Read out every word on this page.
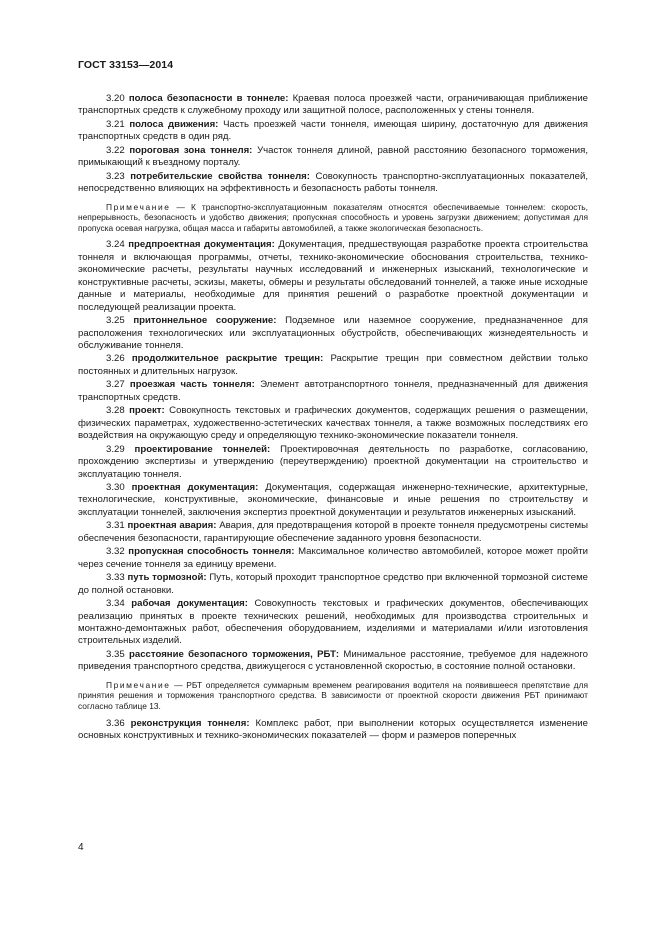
ГОСТ 33153—2014

3.20 полоса безопасности в тоннеле: Краевая полоса проезжей части, ограничивающая приближение транспортных средств к служебному проходу или защитной полосе, расположенных у стены тоннеля.

3.21 полоса движения: Часть проезжей части тоннеля, имеющая ширину, достаточную для движения транспортных средств в один ряд.

3.22 пороговая зона тоннеля: Участок тоннеля длиной, равной расстоянию безопасного торможения, примыкающий к въездному порталу.

3.23 потребительские свойства тоннеля: Совокупность транспортно-эксплуатационных показателей, непосредственно влияющих на эффективность и безопасность работы тоннеля.

Примечание — К транспортно-эксплуатационным показателям относятся обеспечиваемые тоннелем: скорость, непрерывность, безопасность и удобство движения; пропускная способность и уровень загрузки движением; допустимая для пропуска осевая нагрузка, общая масса и габариты автомобилей, а также экологическая безопасность.

3.24 предпроектная документация: Документация, предшествующая разработке проекта строительства тоннеля и включающая программы, отчеты, технико-экономические обоснования строительства, технико-экономические расчеты, результаты научных исследований и инженерных изысканий, технологические и конструктивные расчеты, эскизы, макеты, обмеры и результаты обследований тоннелей, а также иные исходные данные и материалы, необходимые для принятия решений о разработке проектной документации и последующей реализации проекта.

3.25 притоннельное сооружение: Подземное или наземное сооружение, предназначенное для расположения технологических или эксплуатационных обустройств, обеспечивающих жизнедеятельность и обслуживание тоннеля.

3.26 продолжительное раскрытие трещин: Раскрытие трещин при совместном действии только постоянных и длительных нагрузок.

3.27 проезжая часть тоннеля: Элемент автотранспортного тоннеля, предназначенный для движения транспортных средств.

3.28 проект: Совокупность текстовых и графических документов, содержащих решения о размещении, физических параметрах, художественно-эстетических качествах тоннеля, а также возможных последствиях его воздействия на окружающую среду и определяющую технико-экономические показатели тоннеля.

3.29 проектирование тоннелей: Проектировочная деятельность по разработке, согласованию, прохождению экспертизы и утверждению (переутверждению) проектной документации на строительство и эксплуатацию тоннеля.

3.30 проектная документация: Документация, содержащая инженерно-технические, архитектурные, технологические, конструктивные, экономические, финансовые и иные решения по строительству и эксплуатации тоннелей, заключения экспертиз проектной документации и результатов инженерных изысканий.

3.31 проектная авария: Авария, для предотвращения которой в проекте тоннеля предусмотрены системы обеспечения безопасности, гарантирующие обеспечение заданного уровня безопасности.

3.32 пропускная способность тоннеля: Максимальное количество автомобилей, которое может пройти через сечение тоннеля за единицу времени.

3.33 путь тормозной: Путь, который проходит транспортное средство при включенной тормозной системе до полной остановки.

3.34 рабочая документация: Совокупность текстовых и графических документов, обеспечивающих реализацию принятых в проекте технических решений, необходимых для производства строительных и монтажно-демонтажных работ, обеспечения оборудованием, изделиями и материалами и/или изготовления строительных изделий.

3.35 расстояние безопасного торможения, РБТ: Минимальное расстояние, требуемое для надежного приведения транспортного средства, движущегося с установленной скоростью, в состояние полной остановки.

Примечание — РБТ определяется суммарным временем реагирования водителя на появившееся препятствие для принятия решения и торможения транспортного средства. В зависимости от проектной скорости движения РБТ принимают согласно таблице 13.

3.36 реконструкция тоннеля: Комплекс работ, при выполнении которых осуществляется изменение основных конструктивных и технико-экономических показателей — форм и размеров поперечных

4
